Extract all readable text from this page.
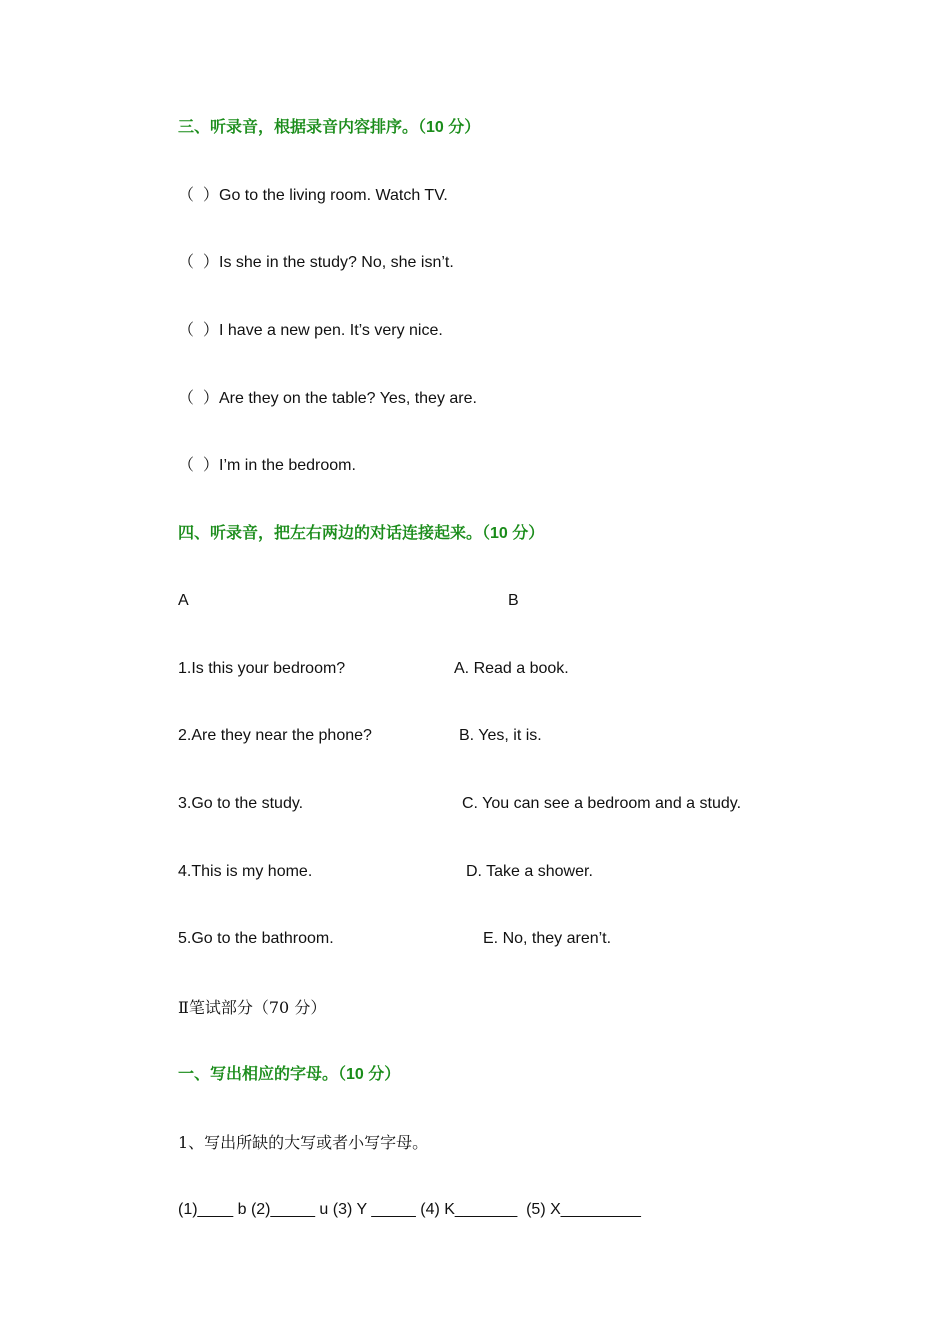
三、听录音，根据录音内容排序。（10 分）
（  ）Go to the living room. Watch TV.
（  ）Is she in the study? No, she isn’t.
（  ）I have a new pen. It’s very nice.
（  ）Are they on the table? Yes, they are.
（  ）I’m in the bedroom.
四、听录音，把左右两边的对话连接起来。（10 分）
A	B
1.Is this your bedroom?	A. Read a book.
2.Are they near the phone?	B. Yes, it is.
3.Go to the study.	C. You can see a bedroom and a study.
4.This is my home.	D. Take a shower.
5.Go to the bathroom.	E. No, they aren’t.
Ⅱ笔试部分（70 分）
一、写出相应的字母。（10 分）
1、写出所缺的大写或者小写字母。
(1)____ b (2)_____ u (3) Y _____ (4) K_______  (5) X_________
